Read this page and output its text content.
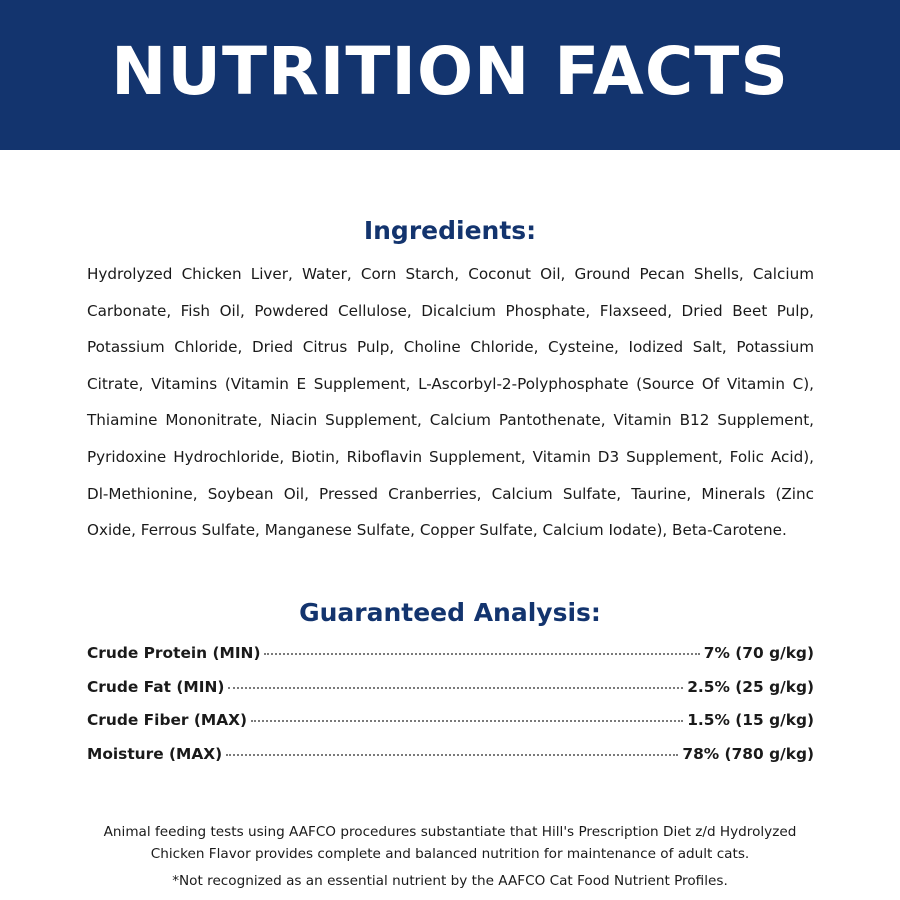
NUTRITION FACTS
Ingredients:
Hydrolyzed Chicken Liver, Water, Corn Starch, Coconut Oil, Ground Pecan Shells, Calcium Carbonate, Fish Oil, Powdered Cellulose, Dicalcium Phosphate, Flaxseed, Dried Beet Pulp, Potassium Chloride, Dried Citrus Pulp, Choline Chloride, Cysteine, Iodized Salt, Potassium Citrate, Vitamins (Vitamin E Supplement, L-Ascorbyl-2-Polyphosphate (Source Of Vitamin C), Thiamine Mononitrate, Niacin Supplement, Calcium Pantothenate, Vitamin B12 Supplement, Pyridoxine Hydrochloride, Biotin, Riboflavin Supplement, Vitamin D3 Supplement, Folic Acid), Dl-Methionine, Soybean Oil, Pressed Cranberries, Calcium Sulfate, Taurine, Minerals (Zinc Oxide, Ferrous Sulfate, Manganese Sulfate, Copper Sulfate, Calcium Iodate), Beta-Carotene.
Guaranteed Analysis:
Crude Protein (MIN)	7% (70 g/kg)
Crude Fat (MIN)	2.5% (25 g/kg)
Crude Fiber (MAX)	1.5% (15 g/kg)
Moisture (MAX)	78% (780 g/kg)
Animal feeding tests using AAFCO procedures substantiate that Hill's Prescription Diet z/d Hydrolyzed Chicken Flavor provides complete and balanced nutrition for maintenance of adult cats.
*Not recognized as an essential nutrient by the AAFCO Cat Food Nutrient Profiles.
